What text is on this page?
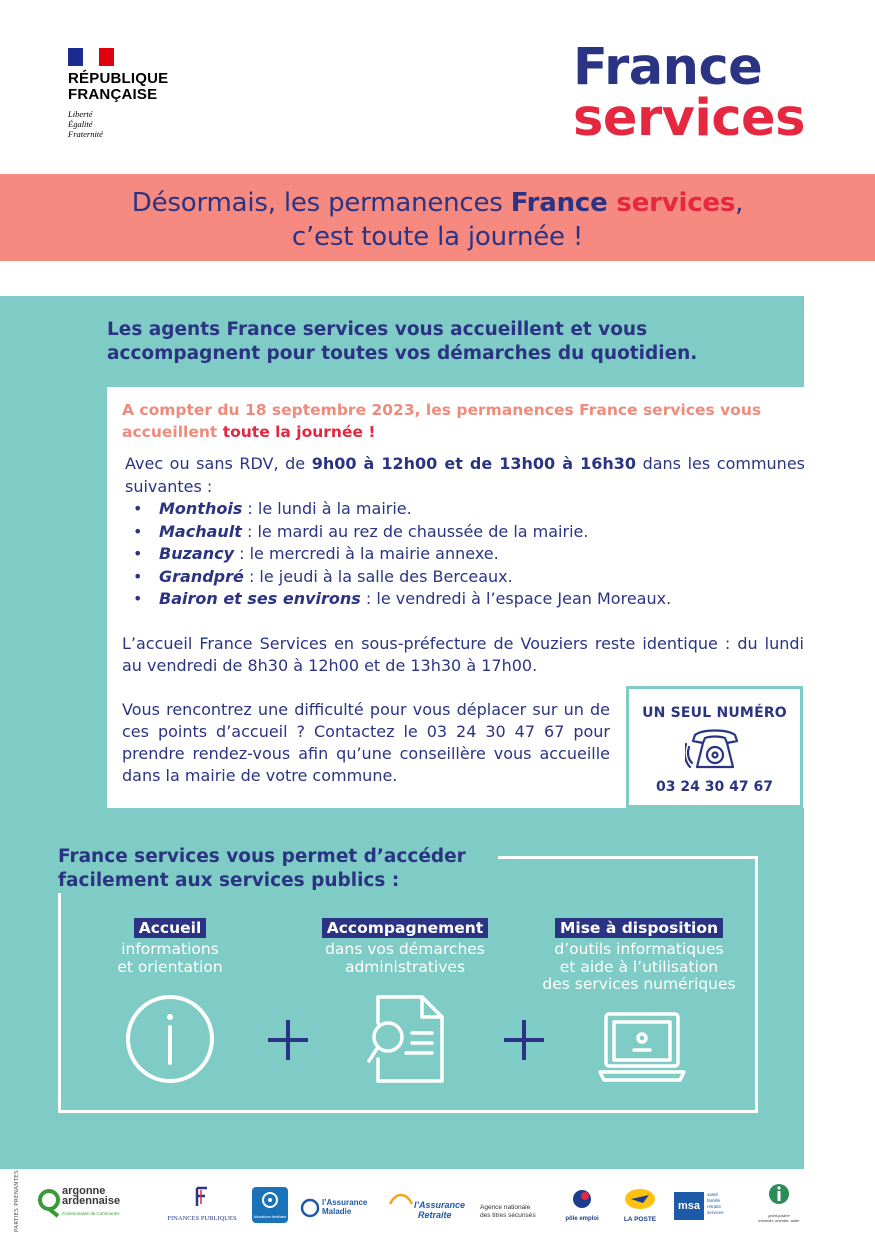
RÉPUBLIQUE
FRANÇAISE
Liberté
Égalité
Fraternité
France
services

Désormais, les permanences France services,

c’est toute la journée !

Les agents France services vous accueillent et vous accompagnent pour toutes vos démarches du quotidien.
A compter du 18 septembre 2023, les permanences France services vous accueillent toute la journée !
Avec ou sans RDV, de 9h00 à 12h00 et de 13h00 à 16h30 dans les communes suivantes :
• Monthois : le lundi à la mairie.
• Machault : le mardi au rez de chaussée de la mairie.
• Buzancy : le mercredi à la mairie annexe.
• Grandpré : le jeudi à la salle des Berceaux.
• Bairon et ses environs : le vendredi à l’espace Jean Moreaux.
L’accueil France Services en sous-préfecture de Vouziers reste identique : du lundi au vendredi de 8h30 à 12h00 et de 13h30 à 17h00.
Vous rencontrez une difficulté pour vous déplacer sur un de ces points d’accueil ? Contactez le 03 24 30 47 67 pour prendre rendez-vous afin qu’une conseillère vous accueille dans la mairie de votre commune.
UN SEUL NUMÉRO
03 24 30 47 67
France services vous permet d’accéder facilement aux services publics :
Accueil
informations
et orientation
Accompagnement
dans vos démarches
administratives
Mise à disposition
d’outils informatiques
et aide à l’utilisation
des services numériques
PARTIES PRENANTES	argonne
ardennaise
Communauté de Communes
FINANCES PUBLIQUES	Allocations familiales
l’Assurance
Maladie
l’Assurance
Retraite
Agence nationale
des titres sécurisés	pôle emploi	LA POSTE
msa
santé
famille
retraite
services
point-justice
informer, orienter, aider
